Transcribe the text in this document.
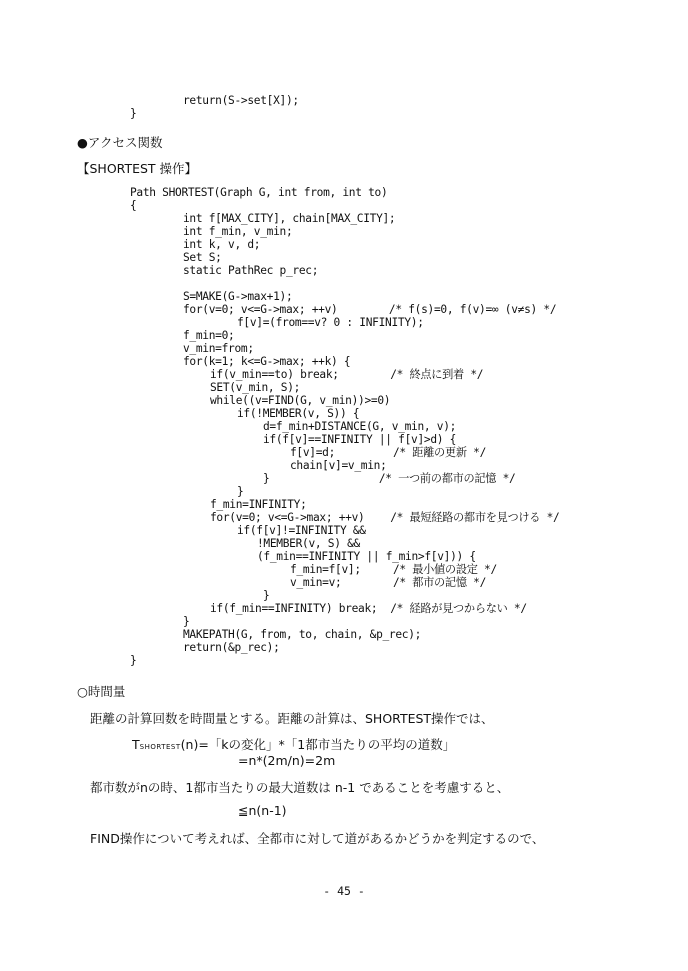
return(S->set[X]);
}
●アクセス関数
【SHORTEST 操作】
Path SHORTEST(Graph G, int from, int to)
{
int f[MAX_CITY], chain[MAX_CITY];
int f_min, v_min;
int k, v, d;
Set S;
static PathRec p_rec;
S=MAKE(G->max+1);
for(v=0; v<=G->max; ++v)        /* f(s)=0, f(v)=∞ (v≠s) */
f[v]=(from==v? 0 : INFINITY);
f_min=0;
v_min=from;
for(k=1; k<=G->max; ++k) {
if(v_min==to) break;        /* 終点に到着 */
SET(v_min, S);
while((v=FIND(G, v_min))>=0)
if(!MEMBER(v, S)) {
d=f_min+DISTANCE(G, v_min, v);
if(f[v]==INFINITY || f[v]>d) {
f[v]=d;         /* 距離の更新 */
chain[v]=v_min;
}                 /* 一つ前の都市の記憶 */
}
f_min=INFINITY;
for(v=0; v<=G->max; ++v)    /* 最短経路の都市を見つける */
if(f[v]!=INFINITY &&
!MEMBER(v, S) &&
(f_min==INFINITY || f_min>f[v])) {
f_min=f[v];     /* 最小値の設定 */
v_min=v;        /* 都市の記憶 */
}
if(f_min==INFINITY) break;  /* 経路が見つからない */
}
MAKEPATH(G, from, to, chain, &p_rec);
return(&p_rec);
}
○時間量
距離の計算回数を時間量とする。距離の計算は、SHORTEST操作では、
TSHORTEST(n)=「kの変化」*「1都市当たりの平均の道数」
=n*(2m/n)=2m
都市数がnの時、1都市当たりの最大道数は n-1 であることを考慮すると、
≦n(n-1)
FIND操作について考えれば、全都市に対して道があるかどうかを判定するので、
- 45 -
